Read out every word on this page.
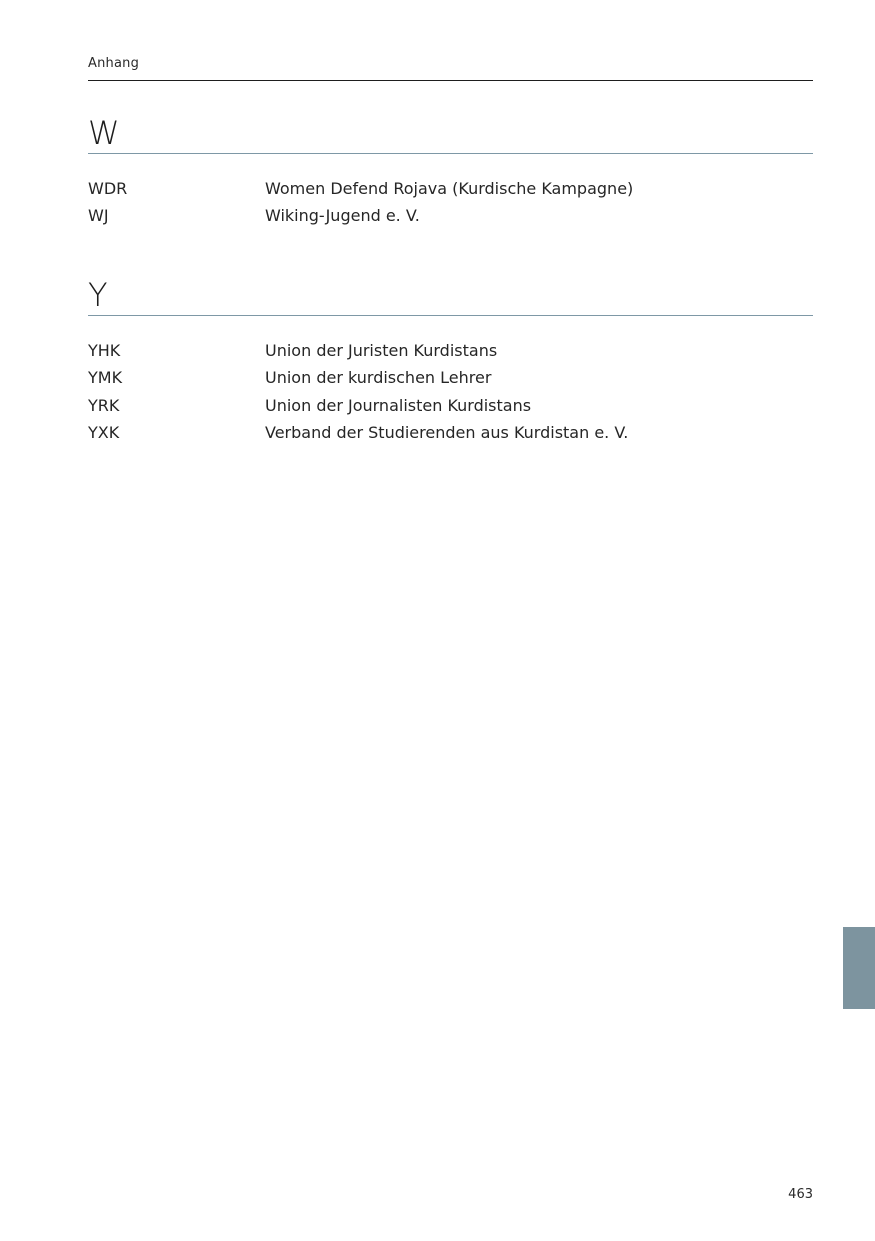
Anhang
W
WDR	Women Defend Rojava (Kurdische Kampagne)
WJ	Wiking-Jugend e. V.
Y
YHK	Union der Juristen Kurdistans
YMK	Union der kurdischen Lehrer
YRK	Union der Journalisten Kurdistans
YXK	Verband der Studierenden aus Kurdistan e. V.
463
